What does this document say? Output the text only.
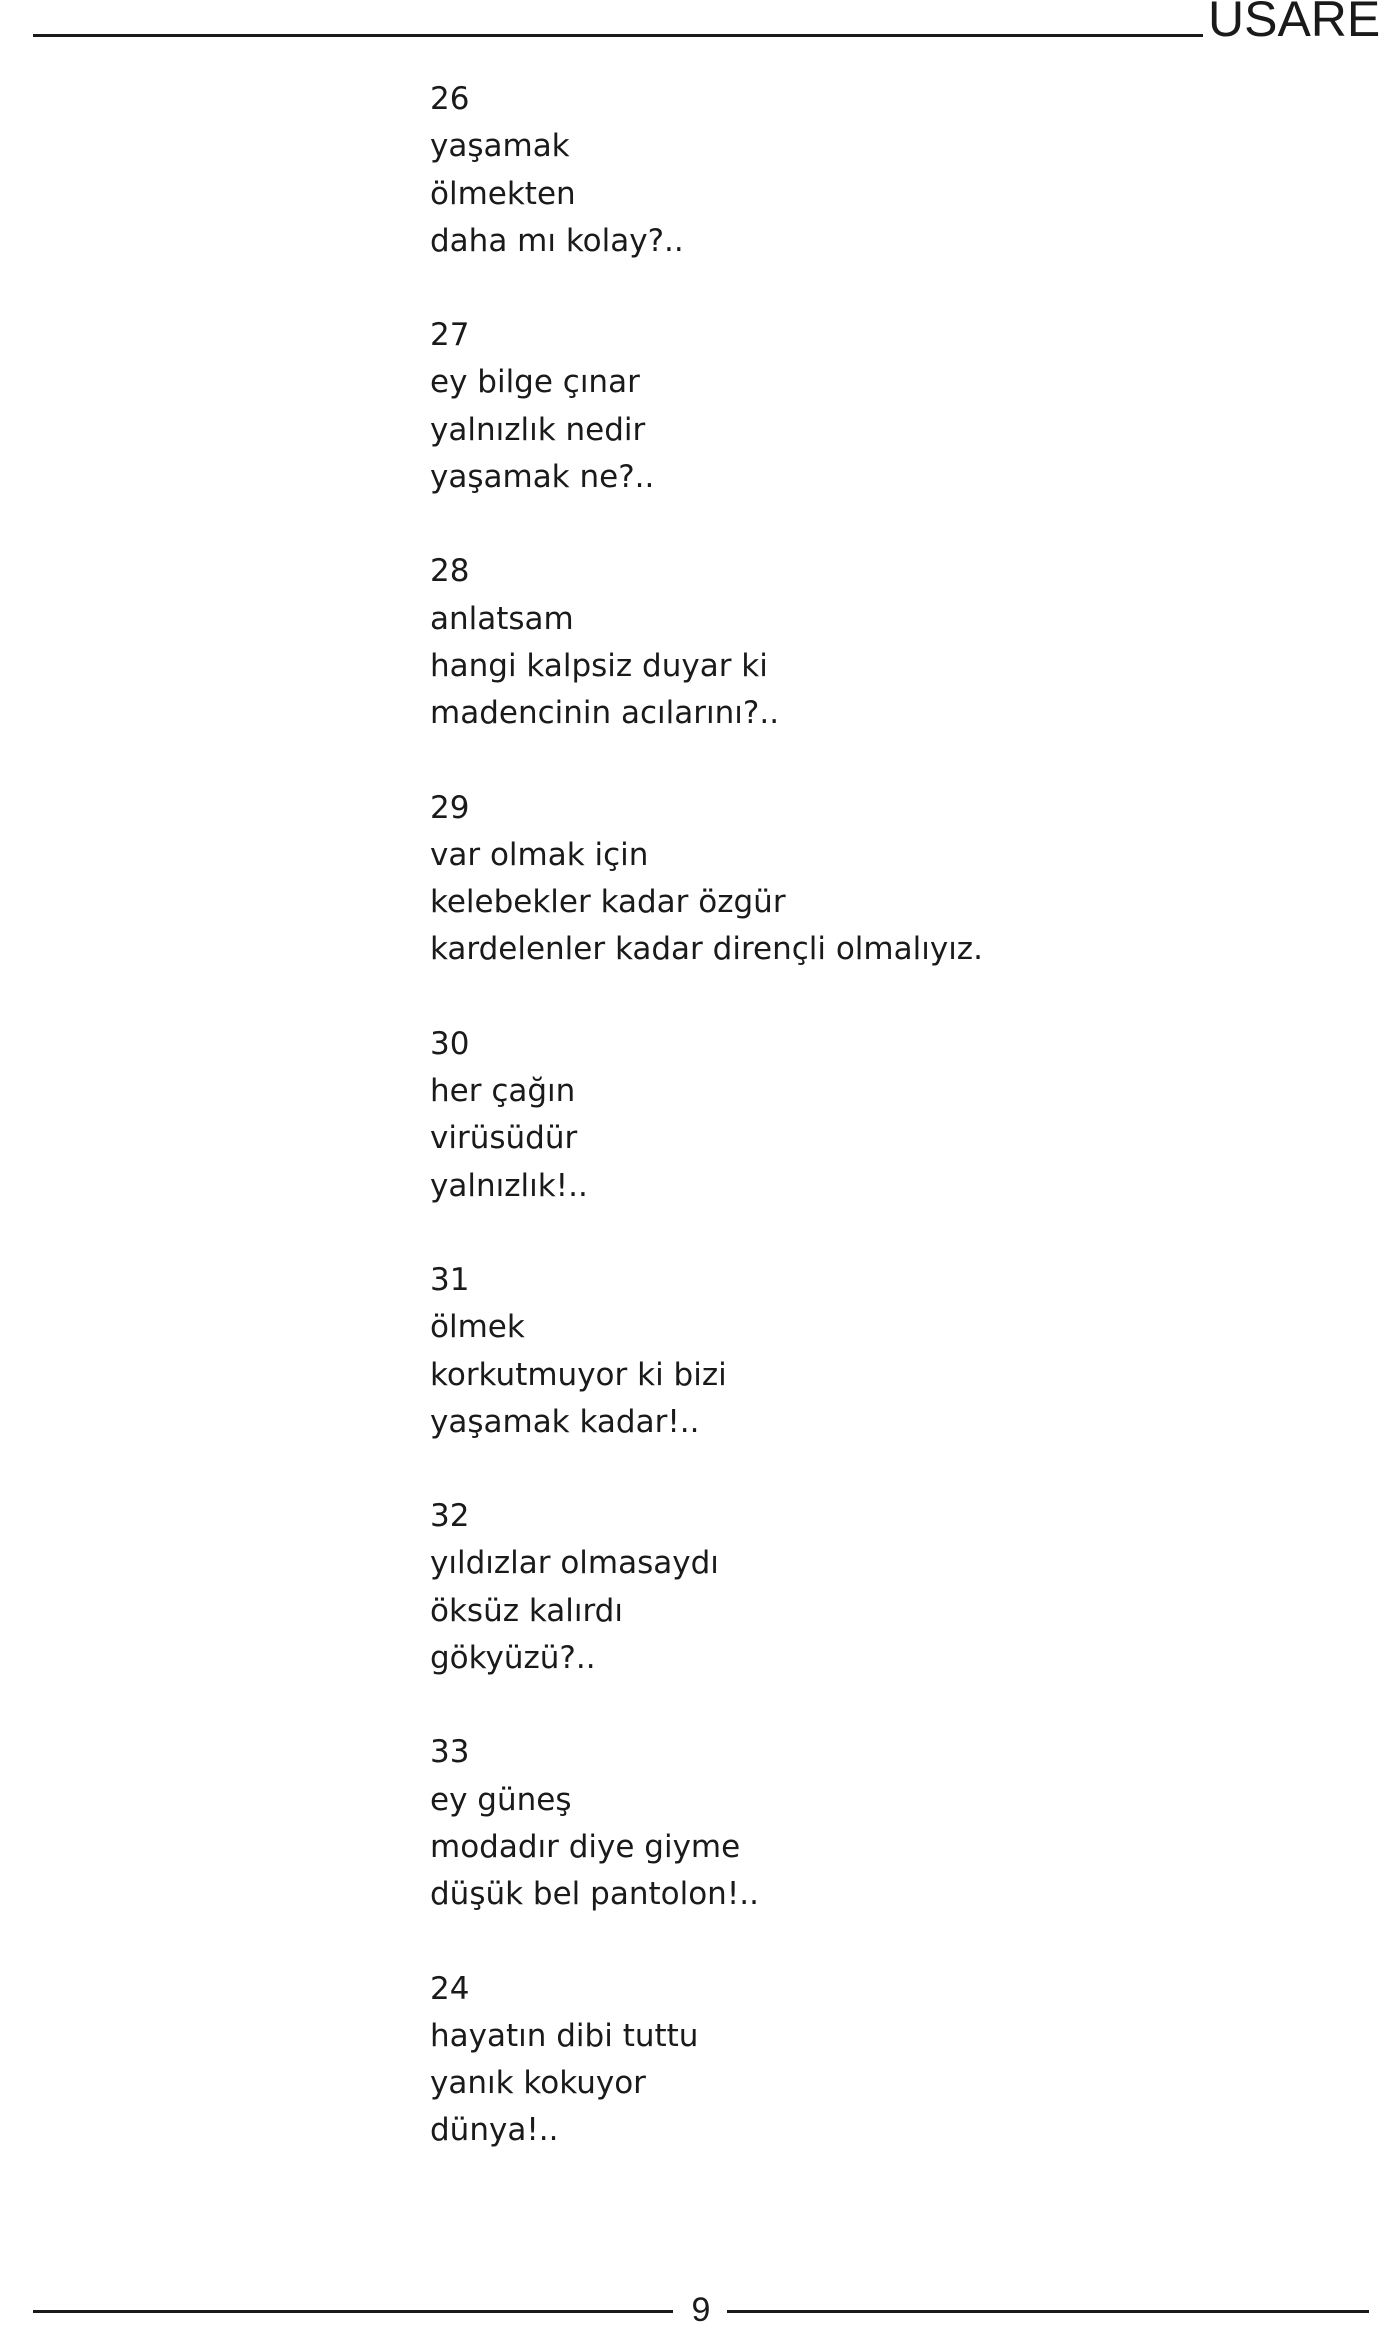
USARE
26
yaşamak
ölmekten
daha mı kolay?..
27
ey bilge çınar
yalnızlık nedir
yaşamak ne?..
28
anlatsam
hangi kalpsiz duyar ki
madencinin acılarını?..
29
var olmak için
kelebekler kadar özgür
kardelenler kadar dirençli olmalıyız.
30
her çağın
virüsüdür
yalnızlık!..
31
ölmek
korkutmuyor ki bizi
yaşamak kadar!..
32
yıldızlar olmasaydı
öksüz kalırdı
gökyüzü?..
33
ey güneş
modadır diye giyme
düşük bel pantolon!..
24
hayatın dibi tuttu
yanık kokuyor
dünya!..
9
